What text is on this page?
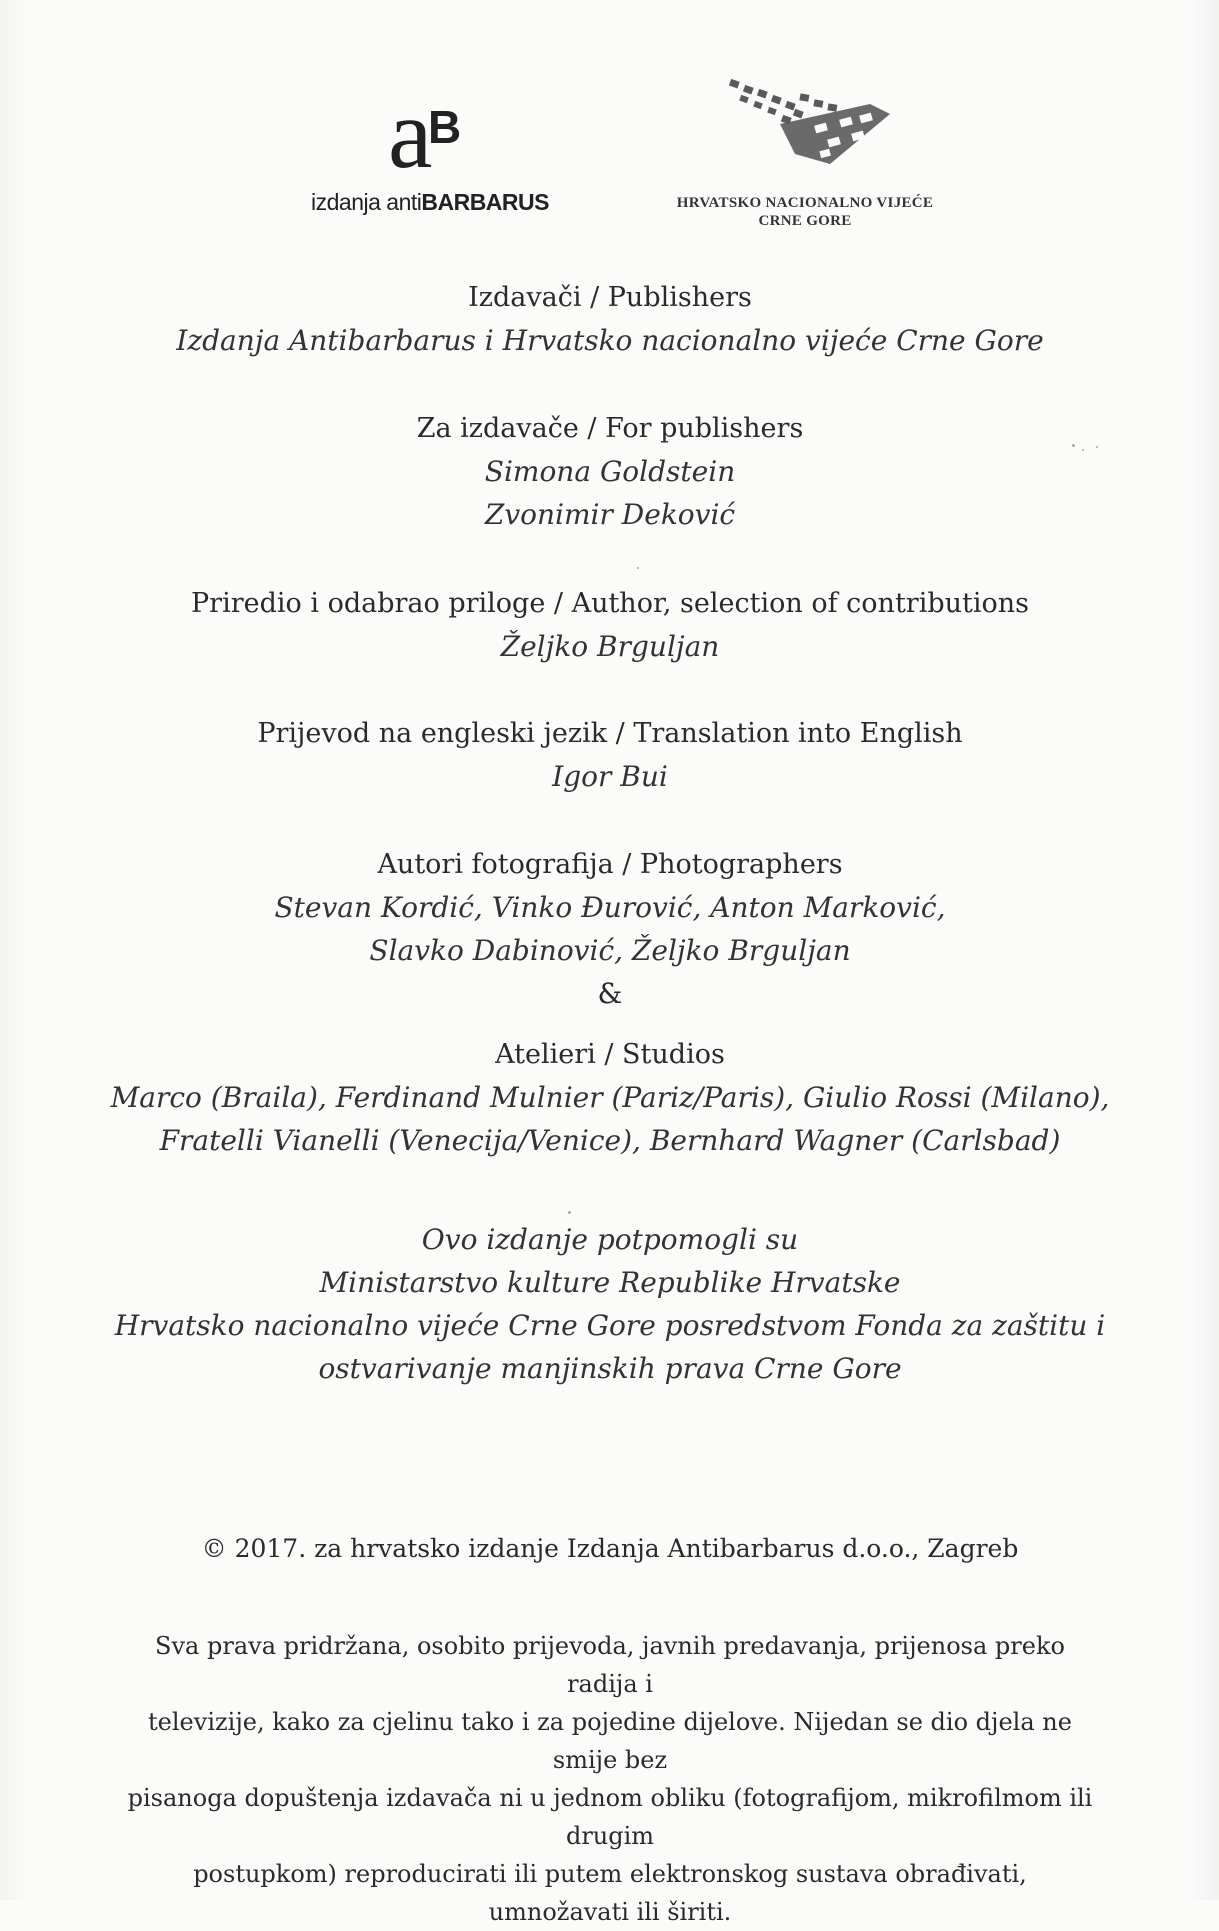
a
B
izdanja antiBARBARUS	HRVATSKO NACIONALNO VIJEĆE
CRNE GORE
Izdavači / Publishers
Izdanja Antibarbarus i Hrvatsko nacionalno vijeće Crne Gore
Za izdavače / For publishers
Simona Goldstein
Zvonimir Deković
Priredio i odabrao priloge / Author, selection of contributions
Željko Brguljan
Prijevod na engleski jezik / Translation into English
Igor Bui
Autori fotografija / Photographers
Stevan Kordić, Vinko Đurović, Anton Marković,
Slavko Dabinović, Željko Brguljan
&
Atelieri / Studios
Marco (Braila), Ferdinand Mulnier (Pariz/Paris), Giulio Rossi (Milano),
Fratelli Vianelli (Venecija/Venice), Bernhard Wagner (Carlsbad)
Ovo izdanje potpomogli su
Ministarstvo kulture Republike Hrvatske
Hrvatsko nacionalno vijeće Crne Gore posredstvom Fonda za zaštitu i
ostvarivanje manjinskih prava Crne Gore
© 2017. za hrvatsko izdanje Izdanja Antibarbarus d.o.o., Zagreb
Sva prava pridržana, osobito prijevoda, javnih predavanja, prijenosa preko radija i
televizije, kako za cjelinu tako i za pojedine dijelove. Nijedan se dio djela ne smije bez
pisanoga dopuštenja izdavača ni u jednom obliku (fotografijom, mikrofilmom ili drugim
postupkom) reproducirati ili putem elektronskog sustava obrađivati, umnožavati ili širiti.
